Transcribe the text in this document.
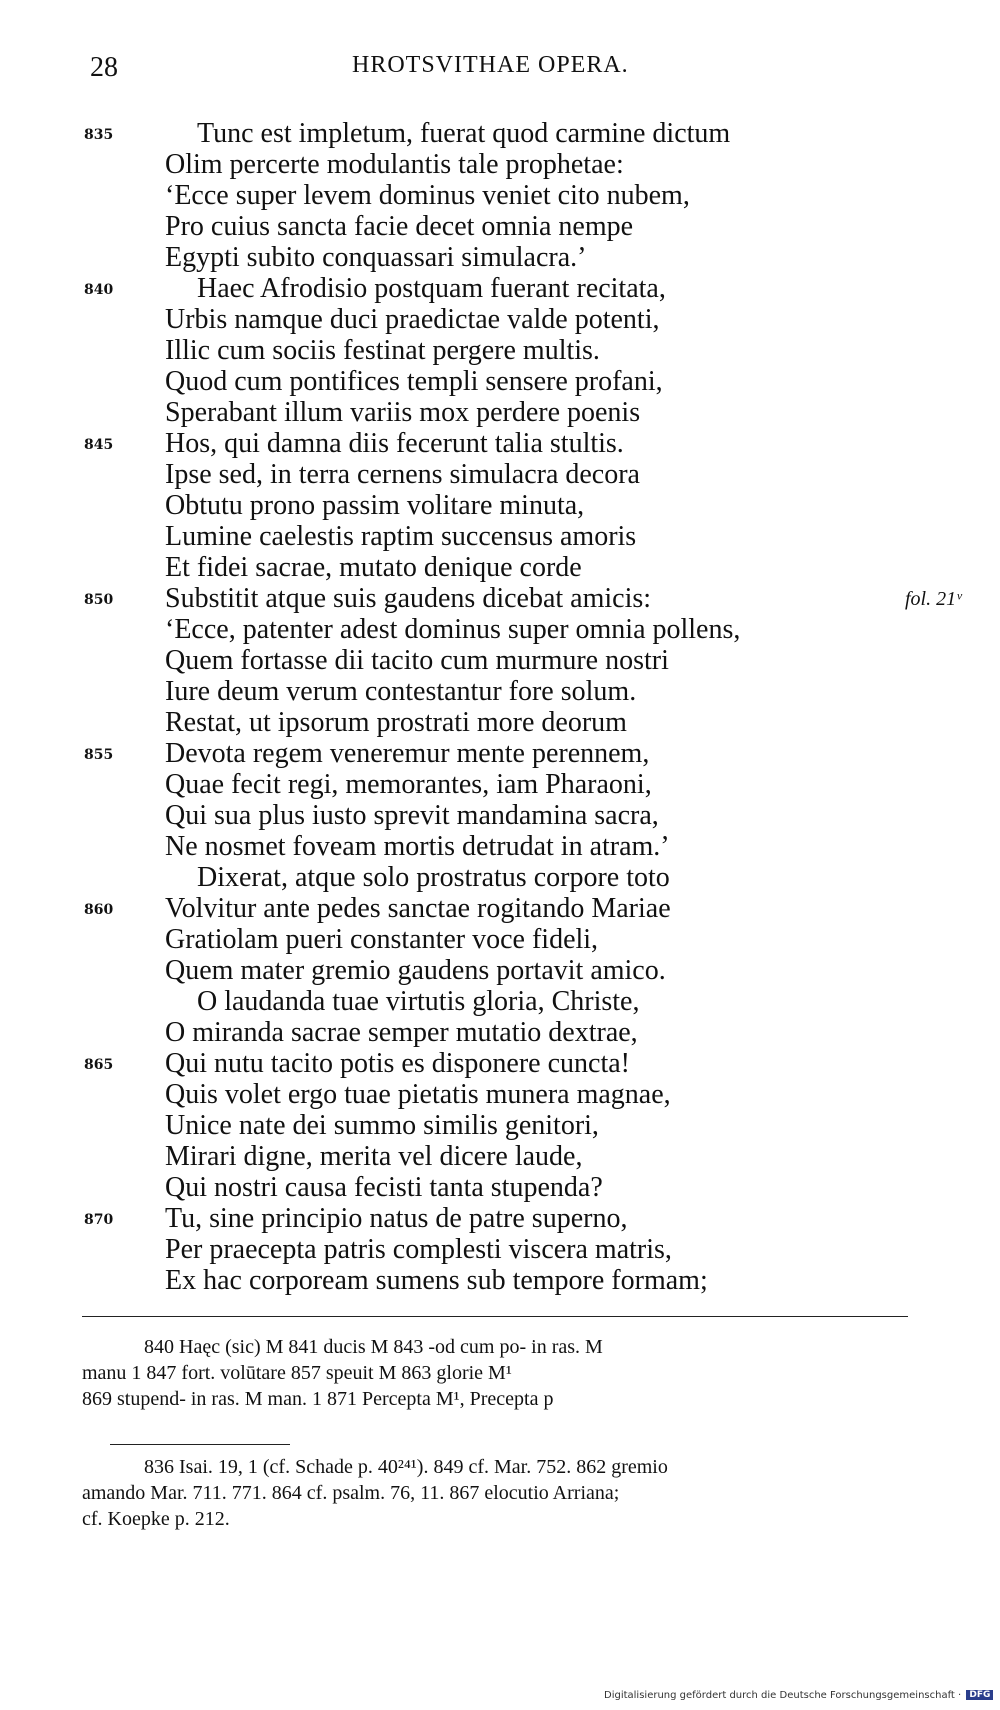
28	HROTSVITHAE OPERA.
835	Tunc est impletum, fuerat quod carmine dictum
Olim percerte modulantis tale prophetae:
‘Ecce super levem dominus veniet cito nubem,
Pro cuius sancta facie decet omnia nempe
Egypti subito conquassari simulacra.’
840	Haec Afrodisio postquam fuerant recitata,
Urbis namque duci praedictae valde potenti,
Illic cum sociis festinat pergere multis.
Quod cum pontifices templi sensere profani,
Sperabant illum variis mox perdere poenis
845 Hos, qui damna diis fecerunt talia stultis.
Ipse sed, in terra cernens simulacra decora
Obtutu prono passim volitare minuta,
Lumine caelestis raptim succensus amoris
Et fidei sacrae, mutato denique corde
850 Substitit atque suis gaudens dicebat amicis:	fol. 21ᵛ
‘Ecce, patenter adest dominus super omnia pollens,
Quem fortasse dii tacito cum murmure nostri
Iure deum verum contestantur fore solum.
Restat, ut ipsorum prostrati more deorum
855 Devota regem veneremur mente perennem,
Quae fecit regi, memorantes, iam Pharaoni,
Qui sua plus iusto sprevit mandamina sacra,
Ne nosmet foveam mortis detrudat in atram.’
Dixerat, atque solo prostratus corpore toto
860 Volvitur ante pedes sanctae rogitando Mariae
Gratiolam pueri constanter voce fideli,
Quem mater gremio gaudens portavit amico.
O laudanda tuae virtutis gloria, Christe,
O miranda sacrae semper mutatio dextrae,
865 Qui nutu tacito potis es disponere cuncta!
Quis volet ergo tuae pietatis munera magnae,
Unice nate dei summo similis genitori,
Mirari digne, merita vel dicere laude,
Qui nostri causa fecisti tanta stupenda?
870 Tu, sine principio natus de patre superno,
Per praecepta patris complesti viscera matris,
Ex hac corpoream sumens sub tempore formam;
840 Haęc (sic) M 841 ducis M 843 -od cum po- in ras. M
manu 1 847 fort. volūtare 857 speuit M 863 glorie M¹
869 stupend- in ras. M man. 1 871 Percepta M¹, Precepta p
836 Isai. 19, 1 (cf. Schade p. 40²⁴¹). 849 cf. Mar. 752. 862 gremio
amando Mar. 711. 771. 864 cf. psalm. 76, 11. 867 elocutio Arriana;
cf. Koepke p. 212.
Digitalisierung gefördert durch die Deutsche Forschungsgemeinschaft · DFG
